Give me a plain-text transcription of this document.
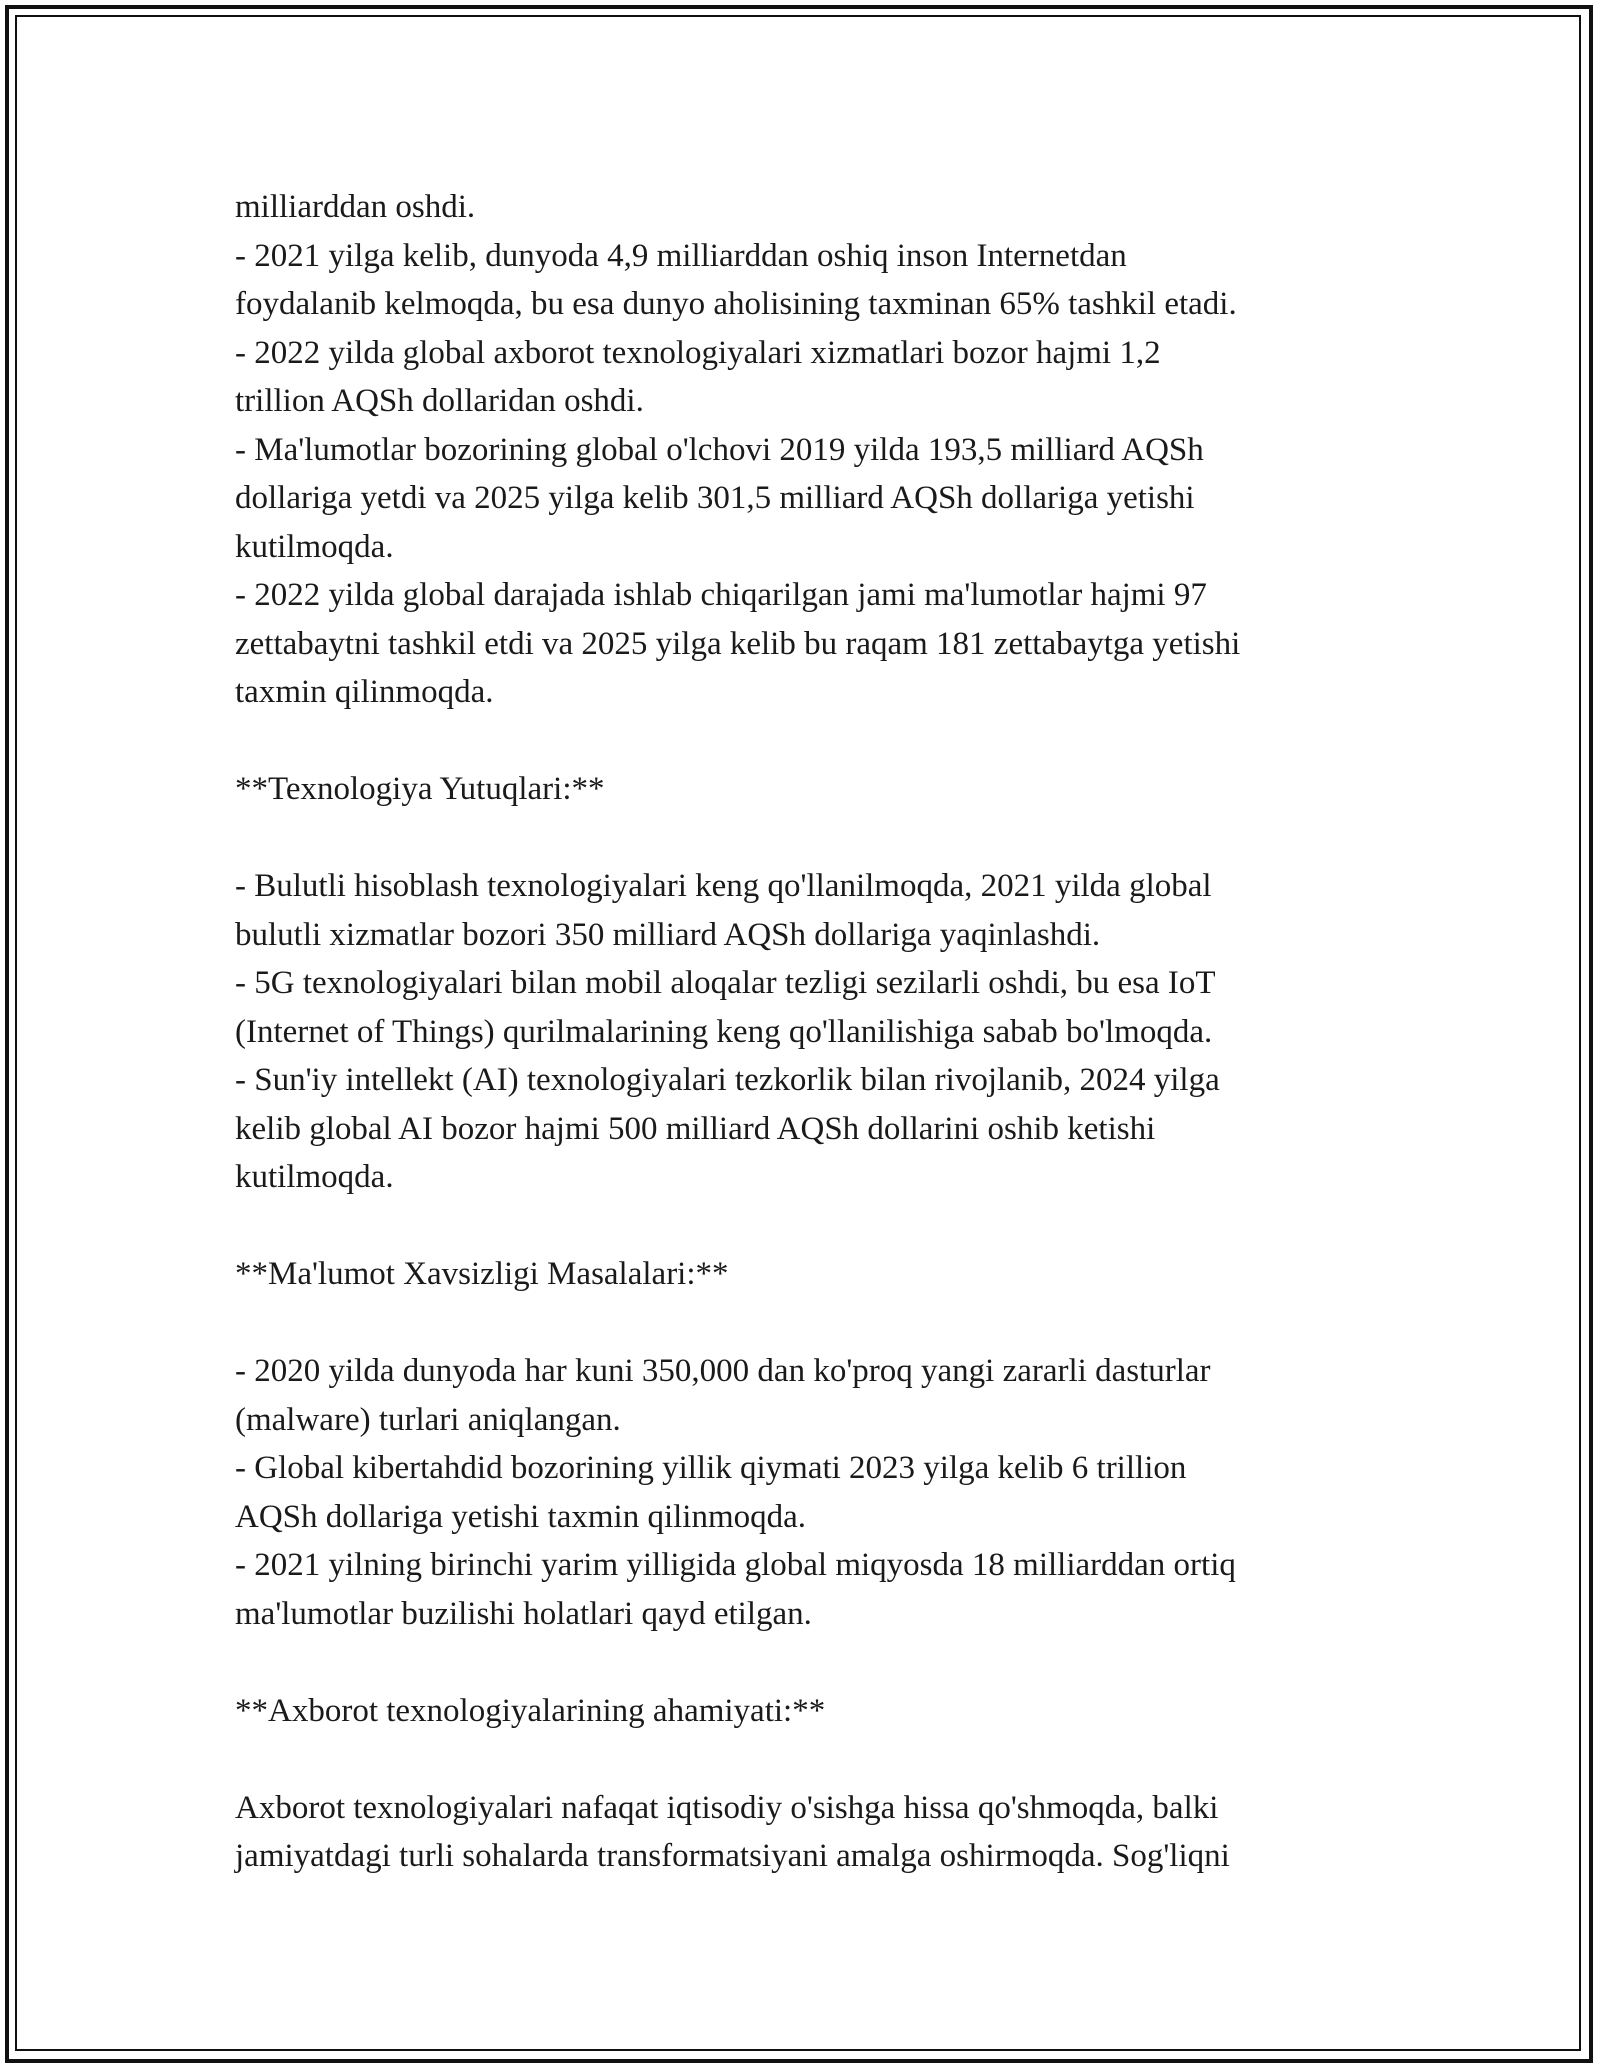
milliarddan oshdi.

- 2021 yilga kelib, dunyoda 4,9 milliarddan oshiq inson Internetdan

foydalanib kelmoqda, bu esa dunyo aholisining taxminan 65% tashkil etadi.

- 2022 yilda global axborot texnologiyalari xizmatlari bozor hajmi 1,2

trillion AQSh dollaridan oshdi.

- Ma'lumotlar bozorining global o'lchovi 2019 yilda 193,5 milliard AQSh

dollariga yetdi va 2025 yilga kelib 301,5 milliard AQSh dollariga yetishi

kutilmoqda.

- 2022 yilda global darajada ishlab chiqarilgan jami ma'lumotlar hajmi 97

zettabaytni tashkil etdi va 2025 yilga kelib bu raqam 181 zettabaytga yetishi

taxmin qilinmoqda.

**Texnologiya Yutuqlari:**

- Bulutli hisoblash texnologiyalari keng qo'llanilmoqda, 2021 yilda global

bulutli xizmatlar bozori 350 milliard AQSh dollariga yaqinlashdi.

- 5G texnologiyalari bilan mobil aloqalar tezligi sezilarli oshdi, bu esa IoT

(Internet of Things) qurilmalarining keng qo'llanilishiga sabab bo'lmoqda.

- Sun'iy intellekt (AI) texnologiyalari tezkorlik bilan rivojlanib, 2024 yilga

kelib global AI bozor hajmi 500 milliard AQSh dollarini oshib ketishi

kutilmoqda.

**Ma'lumot Xavsizligi Masalalari:**

- 2020 yilda dunyoda har kuni 350,000 dan ko'proq yangi zararli dasturlar

(malware) turlari aniqlangan.

- Global kibertahdid bozorining yillik qiymati 2023 yilga kelib 6 trillion

AQSh dollariga yetishi taxmin qilinmoqda.

- 2021 yilning birinchi yarim yilligida global miqyosda 18 milliarddan ortiq

ma'lumotlar buzilishi holatlari qayd etilgan.

**Axborot texnologiyalarining ahamiyati:**

Axborot texnologiyalari nafaqat iqtisodiy o'sishga hissa qo'shmoqda, balki

jamiyatdagi turli sohalarda transformatsiyani amalga oshirmoqda. Sog'liqni
